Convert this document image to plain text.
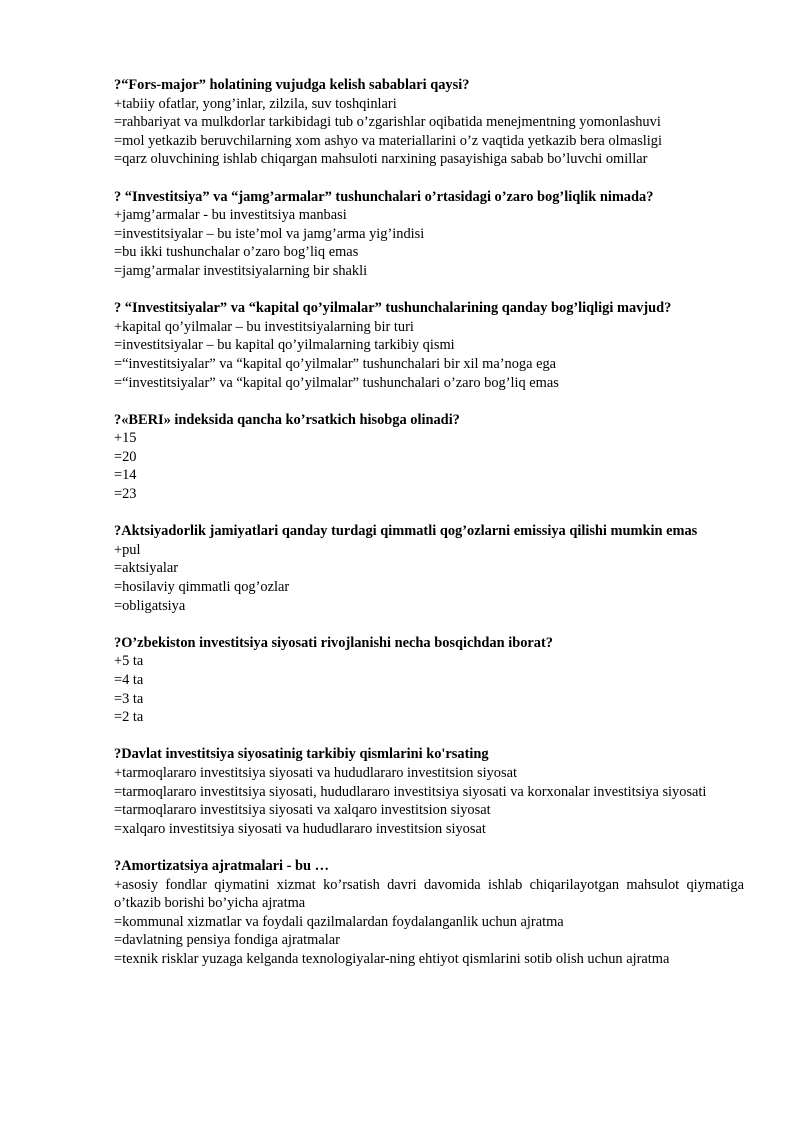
?“Fors-major” holatining vujudga kelish sabablari qaysi?
+tabiiy ofatlar, yong’inlar, zilzila, suv toshqinlari
=rahbariyat va mulkdorlar tarkibidagi tub o’zgarishlar oqibatida menejmentning yomonlashuvi
=mol yetkazib beruvchilarning xom ashyo va materiallarini o’z vaqtida yetkazib bera olmasligi
=qarz oluvchining ishlab chiqargan mahsuloti narxining pasayishiga sabab bo’luvchi omillar
? “Investitsiya” va “jamg’armalar” tushunchalari o’rtasidagi o’zaro bog’liqlik nimada?
+jamg’armalar - bu investitsiya manbasi
=investitsiyalar – bu iste’mol va jamg’arma yig’indisi
=bu ikki tushunchalar o’zaro bog’liq emas
=jamg’armalar investitsiyalarning bir shakli
? “Investitsiyalar” va “kapital qo’yilmalar” tushunchalarining qanday bog’liqligi mavjud?
+kapital qo’yilmalar – bu investitsiyalarning bir turi
=investitsiyalar – bu kapital qo’yilmalarning tarkibiy qismi
=“investitsiyalar” va “kapital qo’yilmalar” tushunchalari bir xil ma’noga ega
=“investitsiyalar” va “kapital qo’yilmalar” tushunchalari o’zaro bog’liq emas
?«BERI» indeksida qancha ko’rsatkich hisobga olinadi?
+15
=20
=14
=23
?Aktsiyadorlik jamiyatlari qanday turdagi qimmatli qog’ozlarni emissiya qilishi mumkin emas
+pul
=aktsiyalar
=hosilaviy qimmatli qog’ozlar
=obligatsiya
?O’zbekiston investitsiya siyosati rivojlanishi necha bosqichdan iborat?
+5 ta
=4 ta
=3 ta
=2 ta
?Davlat investitsiya siyosatinig tarkibiy qismlarini ko'rsating
+tarmoqlararo investitsiya siyosati va hududlararo investitsion siyosat
=tarmoqlararo investitsiya siyosati, hududlararo investitsiya siyosati va korxonalar investitsiya siyosati
=tarmoqlararo investitsiya siyosati va xalqaro investitsion siyosat
=xalqaro investitsiya siyosati va hududlararo investitsion siyosat
?Amortizatsiya ajratmalari - bu …
+asosiy fondlar qiymatini xizmat ko’rsatish davri davomida ishlab chiqarilayotgan mahsulot qiymatiga o’tkazib borishi bo’yicha ajratma
=kommunal xizmatlar va foydali qazilmalardan foydalanganlik uchun ajratma
=davlatning pensiya fondiga ajratmalar
=texnik risklar yuzaga kelganda texnologiyalar-ning ehtiyot qismlarini sotib olish uchun ajratma
